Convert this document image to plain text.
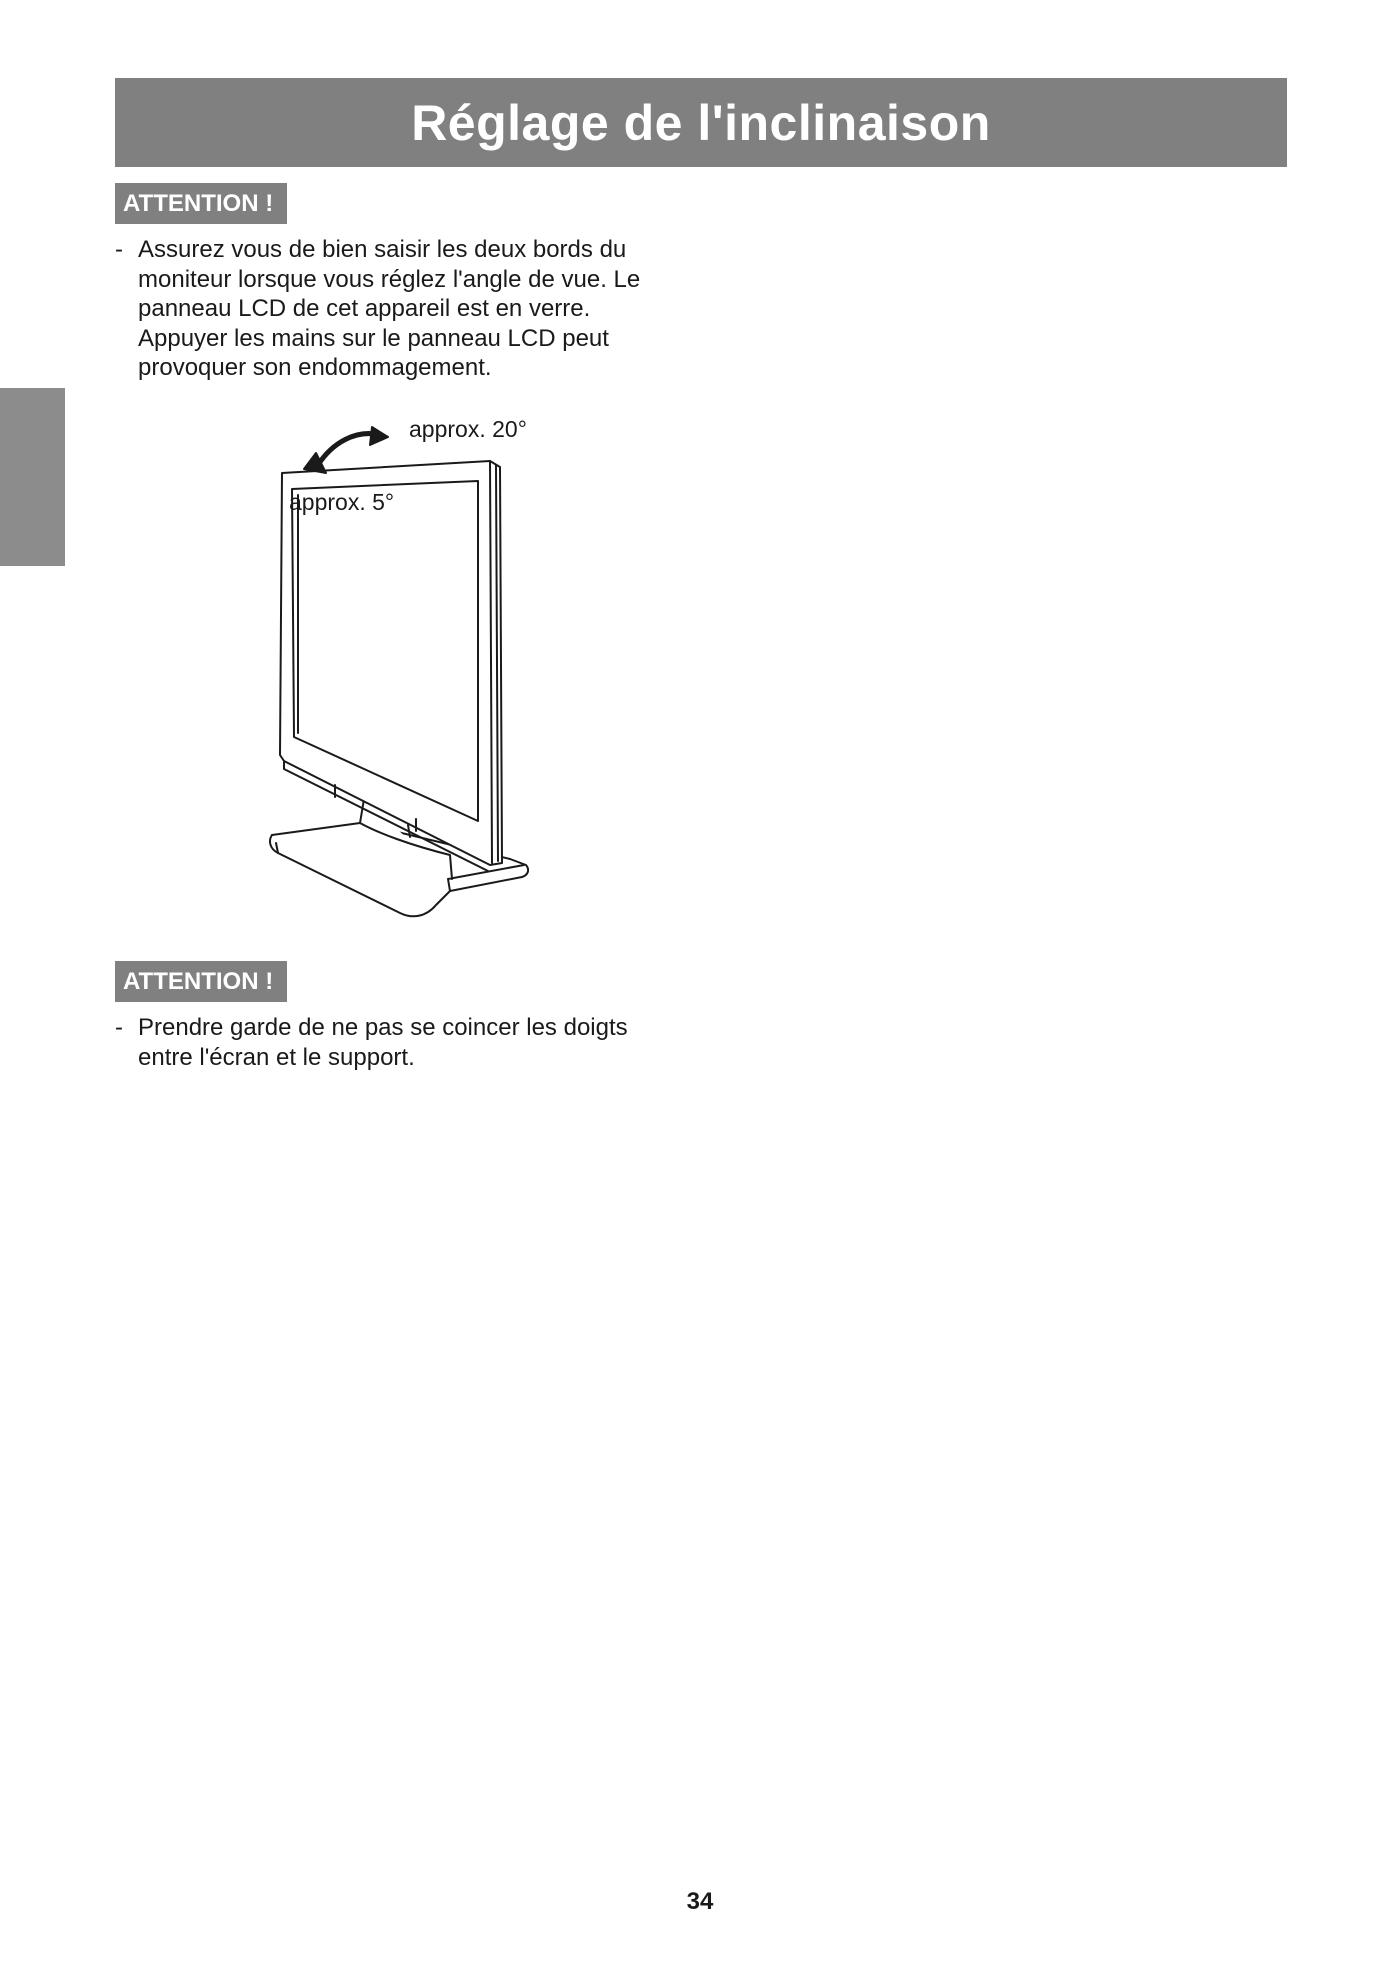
Réglage de l'inclinaison
ATTENTION !
- Assurez vous de bien saisir les deux bords du moniteur lorsque vous réglez l'angle de vue. Le panneau LCD de cet appareil est en verre. Appuyer les mains sur le panneau LCD peut provoquer son endommagement.
approx. 20°
approx. 5°
ATTENTION !
- Prendre garde de ne pas se coincer les doigts entre l'écran et le support.
34
